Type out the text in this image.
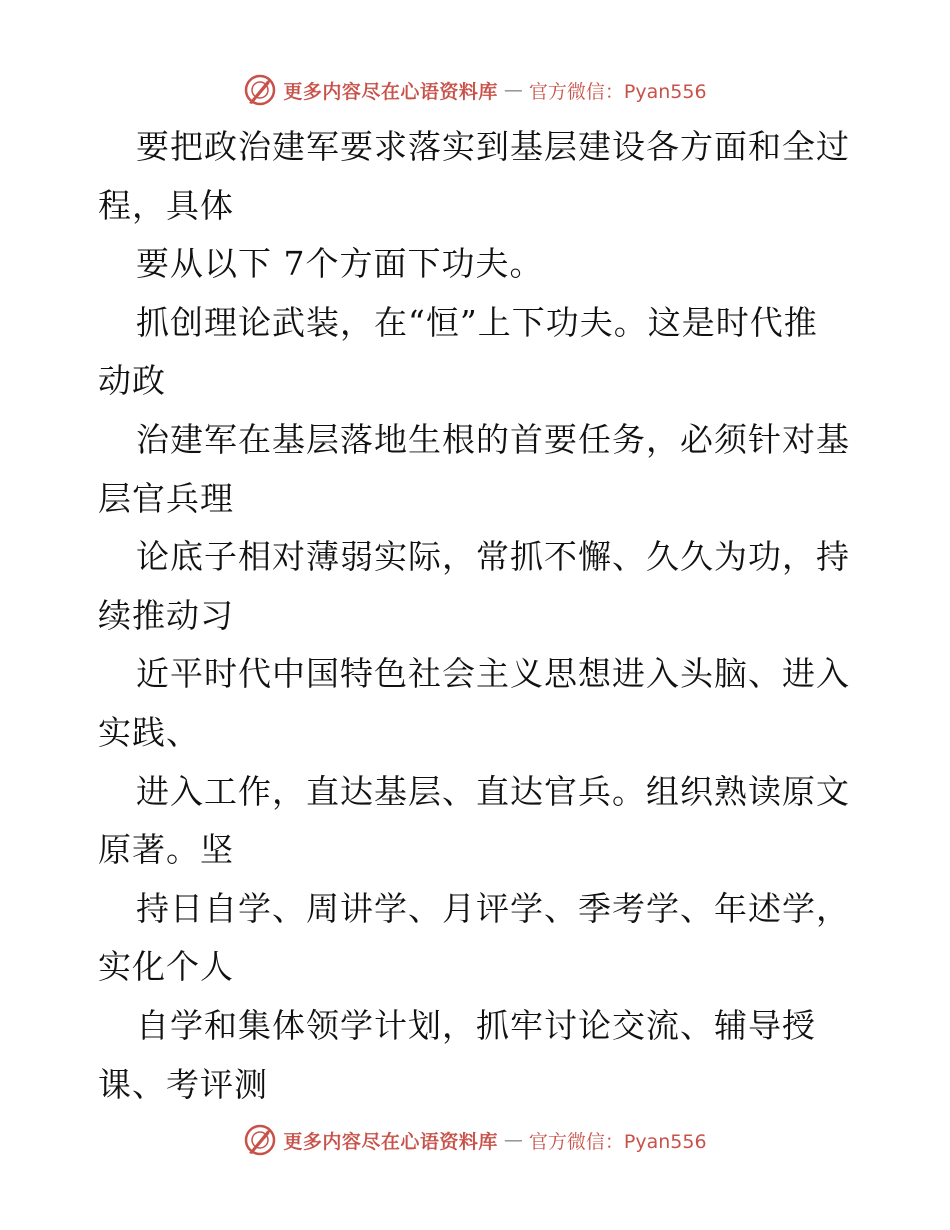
更多内容尽在心语资料库 — 官方微信：Pyan556
要把政治建军要求落实到基层建设各方面和全过
程，具体
要从以下 7个方面下功夫。
抓创理论武装，在“恒”上下功夫。这是时代推
动政
治建军在基层落地生根的首要任务，必须针对基
层官兵理
论底子相对薄弱实际，常抓不懈、久久为功，持
续推动习
近平时代中国特色社会主义思想进入头脑、进入
实践、
进入工作，直达基层、直达官兵。组织熟读原文
原著。坚
持日自学、周讲学、月评学、季考学、年述学，
实化个人
自学和集体领学计划，抓牢讨论交流、辅导授
课、考评测
更多内容尽在心语资料库 — 官方微信：Pyan556
